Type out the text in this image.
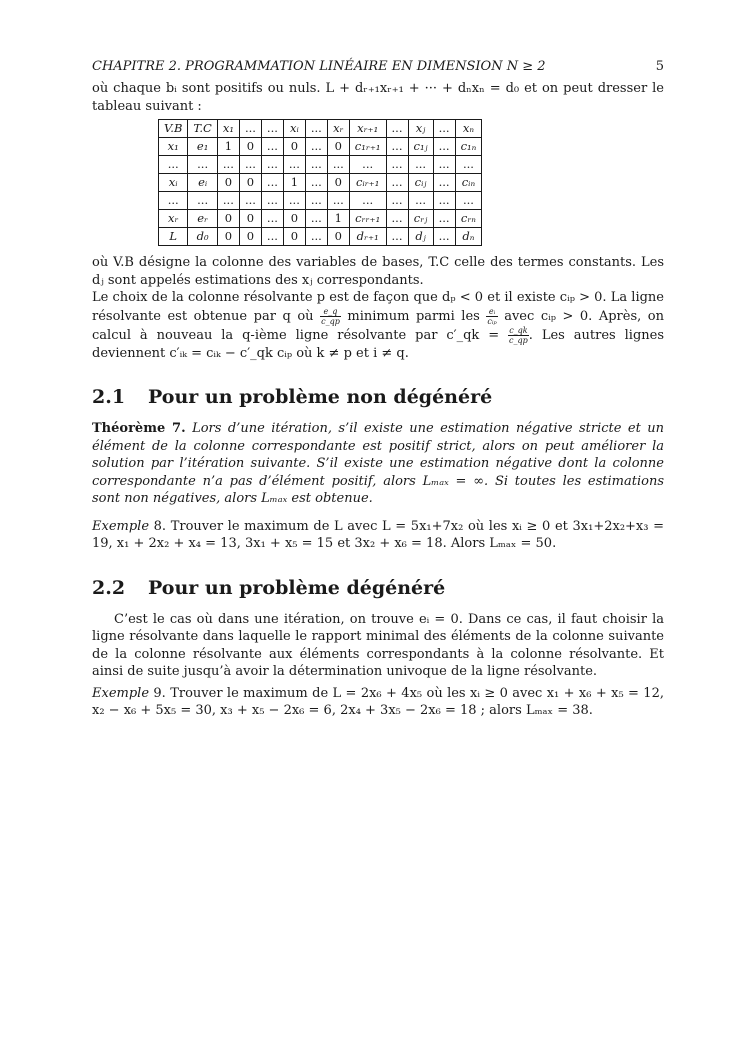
CHAPITRE 2. PROGRAMMATION LINÉAIRE EN DIMENSION N ≥ 2	5

où chaque bᵢ sont positifs ou nuls. L + dᵣ₊₁xᵣ₊₁ + ··· + dₙxₙ = d₀ et on peut dresser le tableau suivant :

V.B	T.C	x₁	...	...	xᵢ	...	xᵣ	xᵣ₊₁	...	xⱼ	...	xₙ
x₁	e₁	1	0	...	0	...	0	c₁ᵣ₊₁	...	c₁ⱼ	...	c₁ₙ
...	...	...	...	...	...	...	...	...	...	...	...	...
xᵢ	eᵢ	0	0	...	1	...	0	cᵢᵣ₊₁	...	cᵢⱼ	...	cᵢₙ
...	...	...	...	...	...	...	...	...	...	...	...	...
xᵣ	eᵣ	0	0	...	0	...	1	cᵣᵣ₊₁	...	cᵣⱼ	...	cᵣₙ
L	d₀	0	0	...	0	...	0	dᵣ₊₁	...	dⱼ	...	dₙ

où V.B désigne la colonne des variables de bases, T.C celle des termes constants. Les dⱼ sont appelés estimations des xⱼ correspondants.
Le choix de la colonne résolvante p est de façon que dₚ < 0 et il existe cᵢₚ > 0. La ligne résolvante est obtenue par q où $\frac{e\_q}{c\_qp}$ minimum parmi les $\frac{\text{eᵢ}}{\text{cᵢₚ}}$ avec cᵢₚ > 0. Après, on calcul à nouveau la q-ième ligne résolvante par c′_qk = $\frac{c\_qk}{c\_qp}$ . Les autres lignes deviennent c′ᵢₖ = cᵢₖ − c′_qk cᵢₚ où k ≠ p et i ≠ q.

2.1 Pour un problème non dégénéré

Théorème 7. Lors d’une itération, s’il existe une estimation négative stricte et un élément de la colonne correspondante est positif strict, alors on peut améliorer la solution par l’itération suivante. S’il existe une estimation négative dont la colonne correspondante n’a pas d’élément positif, alors Lₘₐₓ = ∞. Si toutes les estimations sont non négatives, alors Lₘₐₓ est obtenue.

Exemple 8. Trouver le maximum de L avec L = 5x₁+7x₂ où les xᵢ ≥ 0 et 3x₁+2x₂+x₃ = 19, x₁ + 2x₂ + x₄ = 13, 3x₁ + x₅ = 15 et 3x₂ + x₆ = 18. Alors Lₘₐₓ = 50.

2.2 Pour un problème dégénéré

C’est le cas où dans une itération, on trouve eᵢ = 0. Dans ce cas, il faut choisir la ligne résolvante dans laquelle le rapport minimal des éléments de la colonne suivante de la colonne résolvante aux éléments correspondants à la colonne résolvante. Et ainsi de suite jusqu’à avoir la détermination univoque de la ligne résolvante.

Exemple 9. Trouver le maximum de L = 2x₆ + 4x₅ où les xᵢ ≥ 0 avec x₁ + x₆ + x₅ = 12, x₂ − x₆ + 5x₅ = 30, x₃ + x₅ − 2x₆ = 6, 2x₄ + 3x₅ − 2x₆ = 18 ; alors Lₘₐₓ = 38.
